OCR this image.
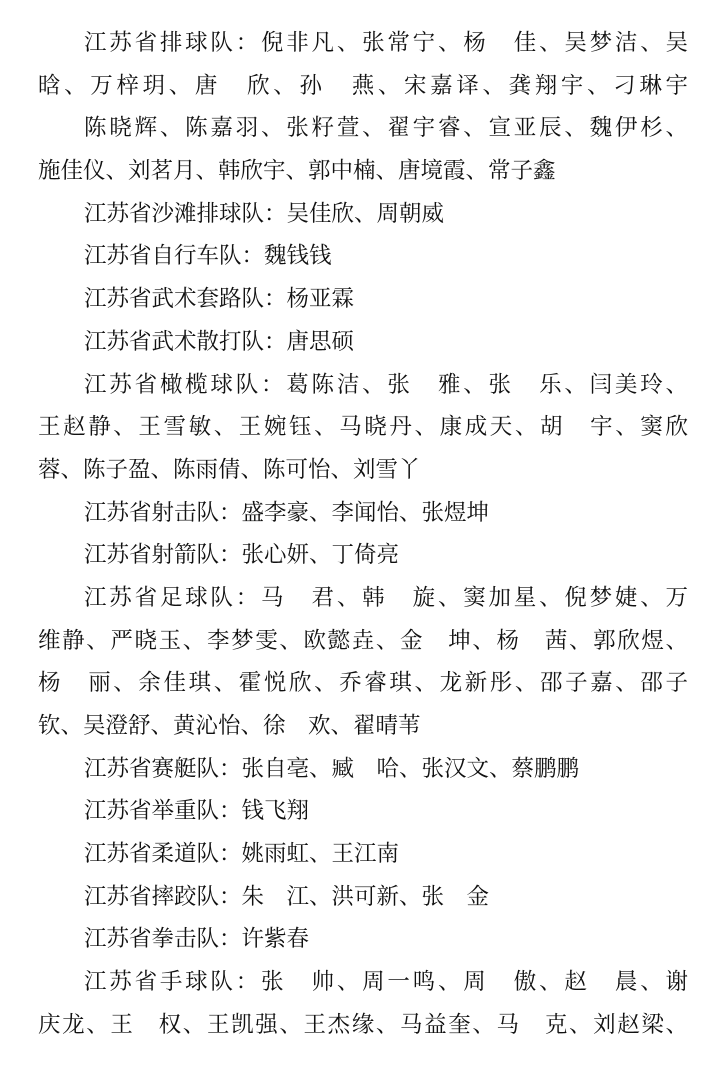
江苏省排球队：倪非凡、张常宁、杨　佳、吴梦洁、吴
晗、万梓玥、唐　欣、孙　燕、宋嘉译、龚翔宇、刁琳宇
陈晓辉、陈嘉羽、张籽萱、翟宇睿、宣亚辰、魏伊杉、
施佳仪、刘茗月、韩欣宇、郭中楠、唐境霞、常子鑫
江苏省沙滩排球队：吴佳欣、周朝威
江苏省自行车队：魏钱钱
江苏省武术套路队：杨亚霖
江苏省武术散打队：唐思硕
江苏省橄榄球队：葛陈洁、张　雅、张　乐、闫美玲、
王赵静、王雪敏、王婉钰、马晓丹、康成天、胡　宇、窦欣
蓉、陈子盈、陈雨倩、陈可怡、刘雪丫
江苏省射击队：盛李豪、李闻怡、张煜坤
江苏省射箭队：张心妍、丁倚亮
江苏省足球队：马　君、韩　旋、窦加星、倪梦婕、万
维静、严晓玉、李梦雯、欧懿垚、金　坤、杨　茜、郭欣煜、
杨　丽、余佳琪、霍悦欣、乔睿琪、龙新彤、邵子嘉、邵子
钦、吴澄舒、黄沁怡、徐　欢、翟晴苇
江苏省赛艇队：张自亳、臧　哈、张汉文、蔡鹏鹏
江苏省举重队：钱飞翔
江苏省柔道队：姚雨虹、王江南
江苏省摔跤队：朱　江、洪可新、张　金
江苏省拳击队：许紫春
江苏省手球队：张　帅、周一鸣、周　傲、赵　晨、谢
庆龙、王　权、王凯强、王杰缘、马益奎、马　克、刘赵梁、
